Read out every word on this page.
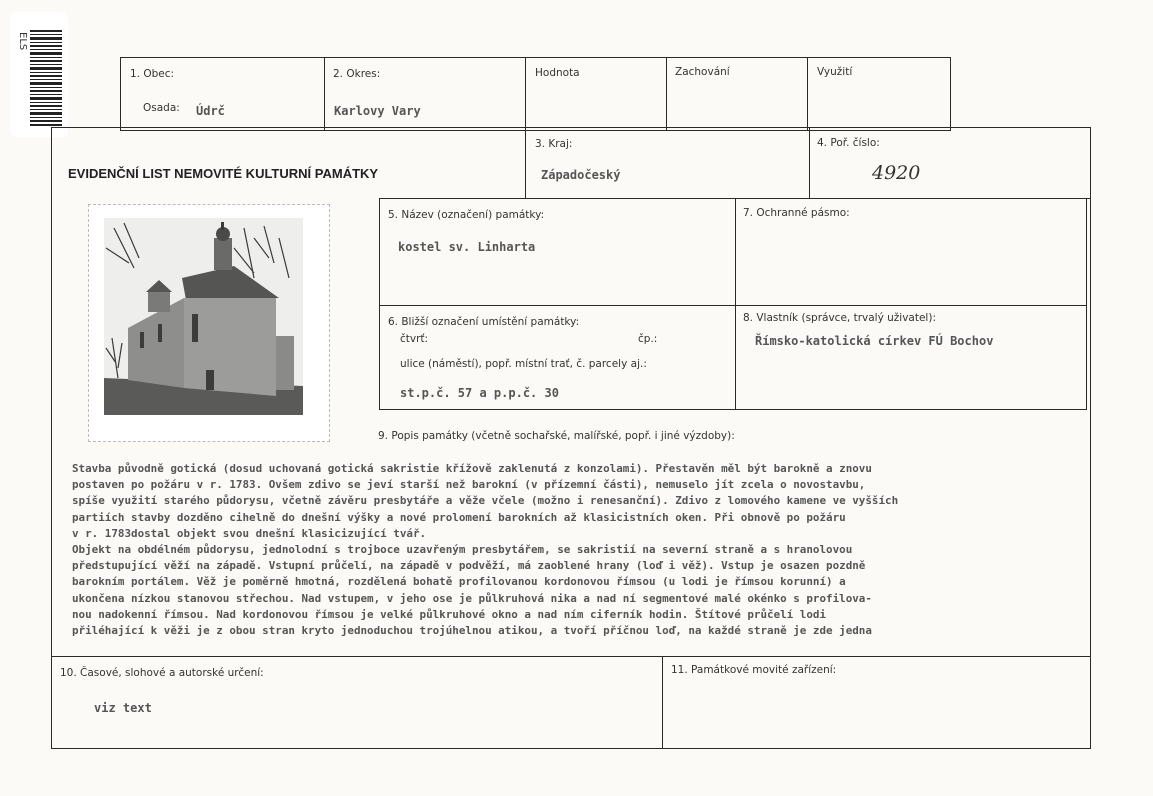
ELS
1. Obec:
Osada: Údrč
2. Okres:
Karlovy Vary
Hodnota	Zachování	Využití
EVIDENČNÍ LIST NEMOVITÉ KULTURNÍ PAMÁTKY
3. Kraj:
Západočeský
4. Poř. číslo:
4920
5. Název (označení) památky:
kostel sv. Linharta
7. Ochranné pásmo:
6. Bližší označení umístění památky:
čtvrť:	čp.:
ulice (náměstí), popř. místní trať, č. parcely aj.:
st.p.č. 57 a p.p.č. 30
8. Vlastník (správce, trvalý uživatel):
Římsko-katolická církev FÚ Bochov
9. Popis památky (včetně sochařské, malířské, popř. i jiné výzdoby):
Stavba původně gotická (dosud uchovaná gotická sakristie křížově zaklenutá z konzolami). Přestavěn měl být barokně a znovu
postaven po požáru v r. 1783. Ovšem zdivo se jeví starší než barokní (v přízemní části), nemuselo jít zcela o novostavbu,
spíše využití starého půdorysu, včetně závěru presbytáře a věže včele (možno i renesanční). Zdivo z lomového kamene ve vyšších
partiích stavby dozděno cihelně do dnešní výšky a nové prolomení barokních až klasicistních oken. Při obnově po požáru
v r. 1783dostal objekt svou dnešní klasicizující tvář.
Objekt na obdélném půdorysu, jednolodní s trojboce uzavřeným presbytářem, se sakristií na severní straně a s hranolovou
předstupující věží na západě. Vstupní průčelí, na západě v podvěží, má zaoblené hrany (loď i věž). Vstup je osazen pozdně
barokním portálem. Věž je poměrně hmotná, rozdělená bohatě profilovanou kordonovou římsou (u lodi je římsou korunní) a
ukončena nízkou stanovou střechou. Nad vstupem, v jeho ose je půlkruhová nika a nad ní segmentové malé okénko s profilova-
nou nadokenní římsou. Nad kordonovou římsou je velké půlkruhové okno a nad ním ciferník hodin. Štítové průčelí lodi
přiléhající k věži je z obou stran kryto jednoduchou trojúhelnou atikou, a tvoří příčnou loď, na každé straně je zde jedna
10. Časové, slohové a autorské určení:
viz text
11. Památkové movité zařízení:
